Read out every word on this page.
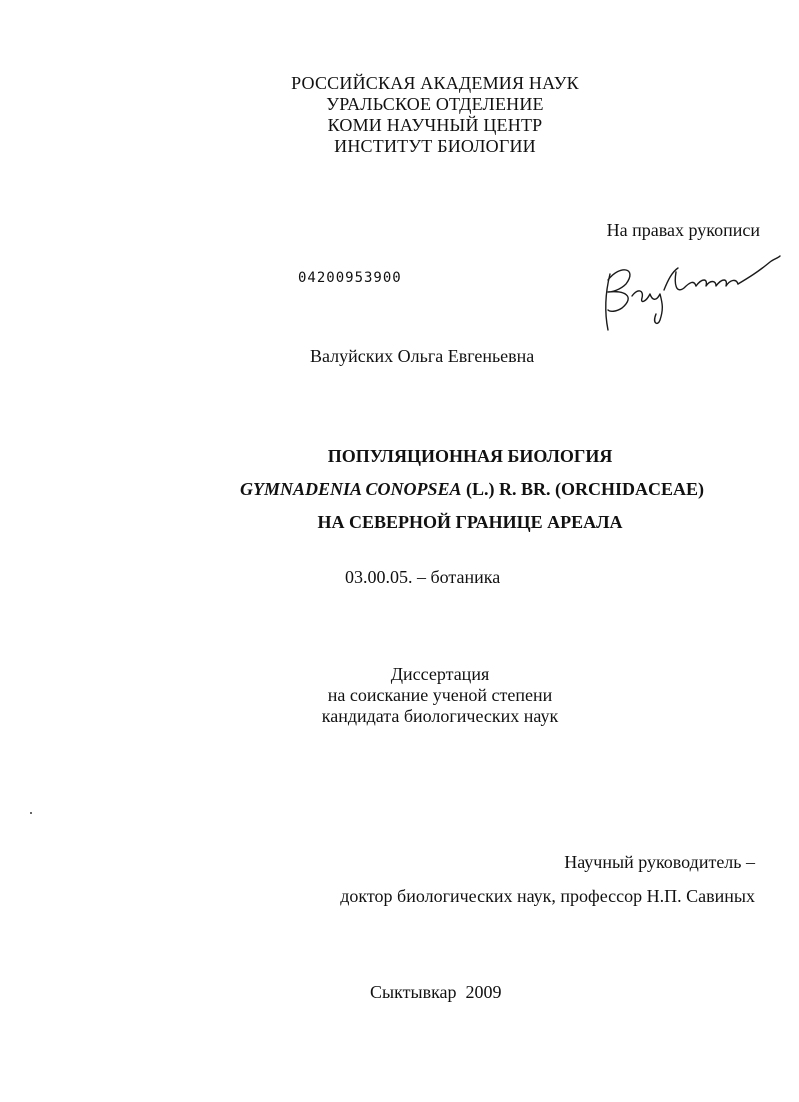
РОССИЙСКАЯ АКАДЕМИЯ НАУК
УРАЛЬСКОЕ ОТДЕЛЕНИЕ
КОМИ НАУЧНЫЙ ЦЕНТР
ИНСТИТУТ БИОЛОГИИ
На правах рукописи
04200953900
Валуйских Ольга Евгеньевна
ПОПУЛЯЦИОННАЯ БИОЛОГИЯ
GYMNADENIA CONOPSEA (L.) R. BR. (ORCHIDACEAE)
НА СЕВЕРНОЙ ГРАНИЦЕ АРЕАЛА
03.00.05. – ботаника
Диссертация
на соискание ученой степени
кандидата биологических наук
Научный руководитель –
доктор биологических наук, профессор Н.П. Савиных
Сыктывкар  2009
